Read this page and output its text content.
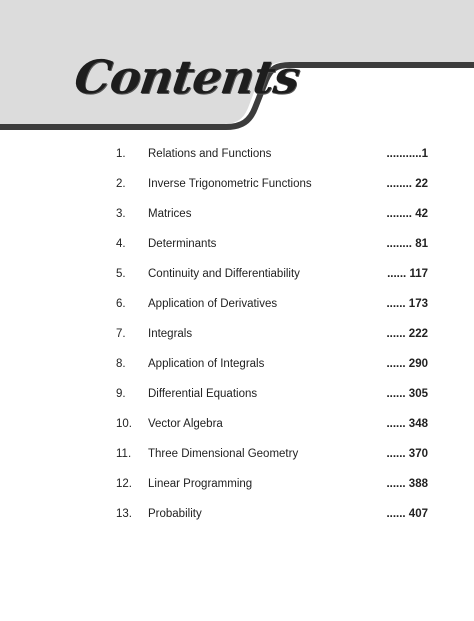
Contents
1. Relations and Functions	...........1
2. Inverse Trigonometric Functions	........ 22
3. Matrices	........ 42
4. Determinants	........ 81
5. Continuity and Differentiability	...... 117
6. Application of Derivatives	...... 173
7. Integrals	...... 222
8. Application of Integrals	...... 290
9. Differential Equations	...... 305
10. Vector Algebra	...... 348
11. Three Dimensional Geometry	...... 370
12. Linear Programming	...... 388
13. Probability	...... 407
